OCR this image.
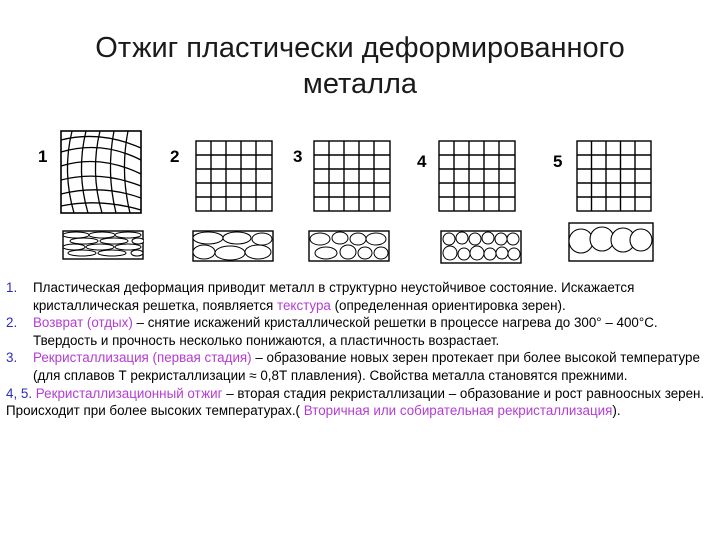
Отжиг пластически деформированного
металла
1	2	3	4	5
1.	Пластическая деформация приводит металл в структурно неустойчивое состояние. Искажается кристаллическая решетка, появляется текстура (определенная ориентировка зерен).
2.	Возврат (отдых) – снятие искажений кристаллической решетки в процессе нагрева до 300° – 400°С. Твердость и прочность несколько понижаются, а пластичность возрастает.
3.	Рекристаллизация (первая стадия) – образование новых зерен протекает при более высокой температуре (для сплавов Т рекристаллизации ≈ 0,8Т плавления). Свойства металла становятся прежними.
4, 5. Рекристаллизационный отжиг – вторая стадия рекристаллизации – образование и рост равноосных зерен. Происходит при более высоких температурах.( Вторичная или собирательная рекристаллизация).
